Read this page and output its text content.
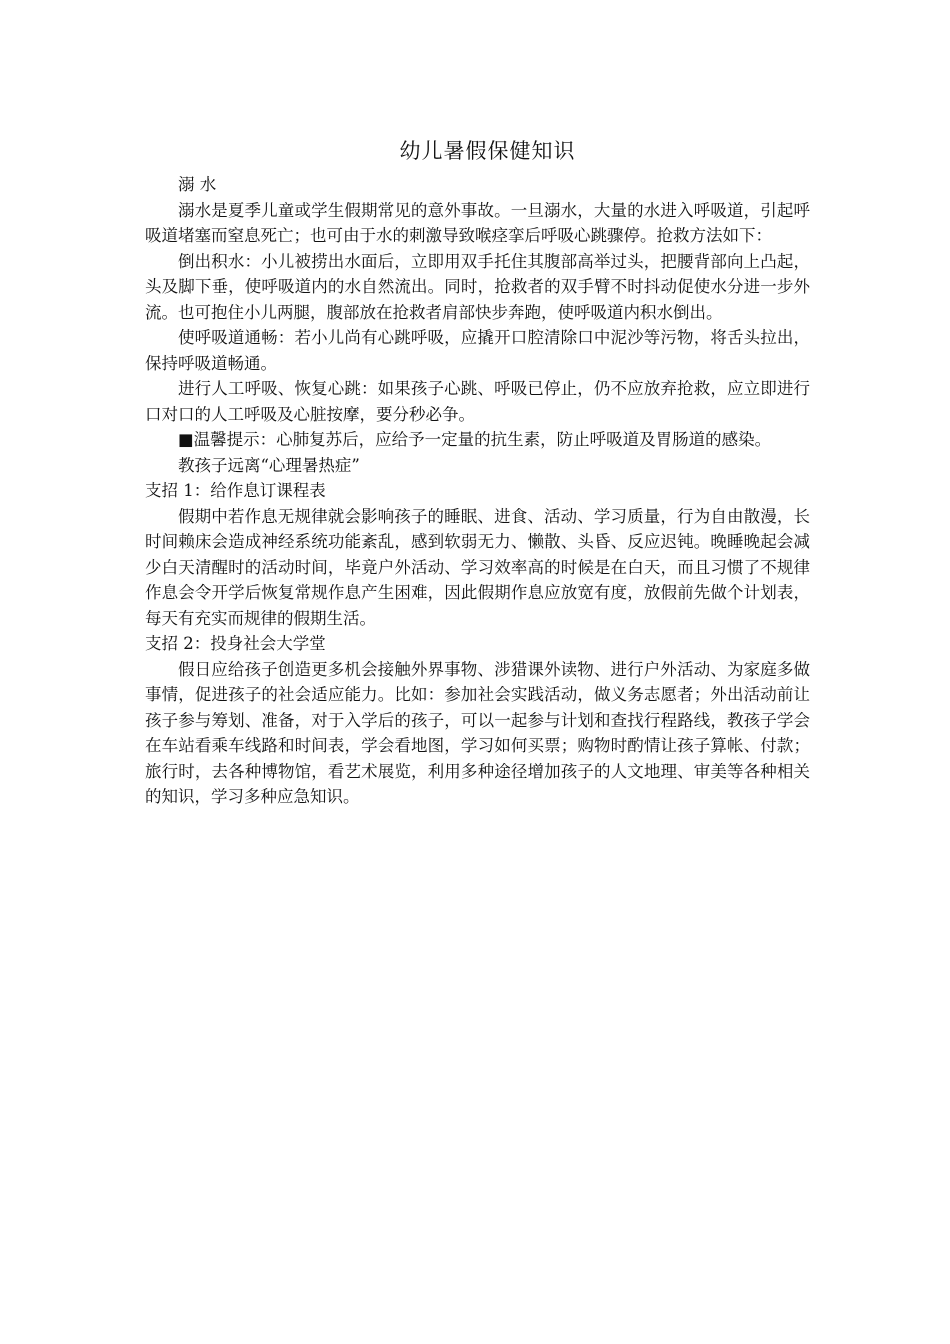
幼儿暑假保健知识

溺 水

溺水是夏季儿童或学生假期常见的意外事故。一旦溺水，大量的水进入呼吸道，引起呼吸道堵塞而窒息死亡；也可由于水的刺激导致喉痉挛后呼吸心跳骤停。抢救方法如下：

倒出积水：小儿被捞出水面后，立即用双手托住其腹部高举过头，把腰背部向上凸起，头及脚下垂，使呼吸道内的水自然流出。同时，抢救者的双手臂不时抖动促使水分进一步外流。也可抱住小儿两腿，腹部放在抢救者肩部快步奔跑，使呼吸道内积水倒出。

使呼吸道通畅：若小儿尚有心跳呼吸，应撬开口腔清除口中泥沙等污物，将舌头拉出，保持呼吸道畅通。

进行人工呼吸、恢复心跳：如果孩子心跳、呼吸已停止，仍不应放弃抢救，应立即进行口对口的人工呼吸及心脏按摩，要分秒必争。

■温馨提示：心肺复苏后，应给予一定量的抗生素，防止呼吸道及胃肠道的感染。

教孩子远离“心理暑热症”

支招 1：给作息订课程表

假期中若作息无规律就会影响孩子的睡眠、进食、活动、学习质量，行为自由散漫，长时间赖床会造成神经系统功能紊乱，感到软弱无力、懒散、头昏、反应迟钝。晚睡晚起会减少白天清醒时的活动时间，毕竟户外活动、学习效率高的时候是在白天，而且习惯了不规律作息会令开学后恢复常规作息产生困难，因此假期作息应放宽有度，放假前先做个计划表，每天有充实而规律的假期生活。

支招 2：投身社会大学堂

假日应给孩子创造更多机会接触外界事物、涉猎课外读物、进行户外活动、为家庭多做事情，促进孩子的社会适应能力。比如：参加社会实践活动，做义务志愿者；外出活动前让孩子参与筹划、准备，对于入学后的孩子，可以一起参与计划和查找行程路线，教孩子学会在车站看乘车线路和时间表，学会看地图，学习如何买票；购物时酌情让孩子算帐、付款；旅行时，去各种博物馆，看艺术展览，利用多种途径增加孩子的人文地理、审美等各种相关的知识，学习多种应急知识。
